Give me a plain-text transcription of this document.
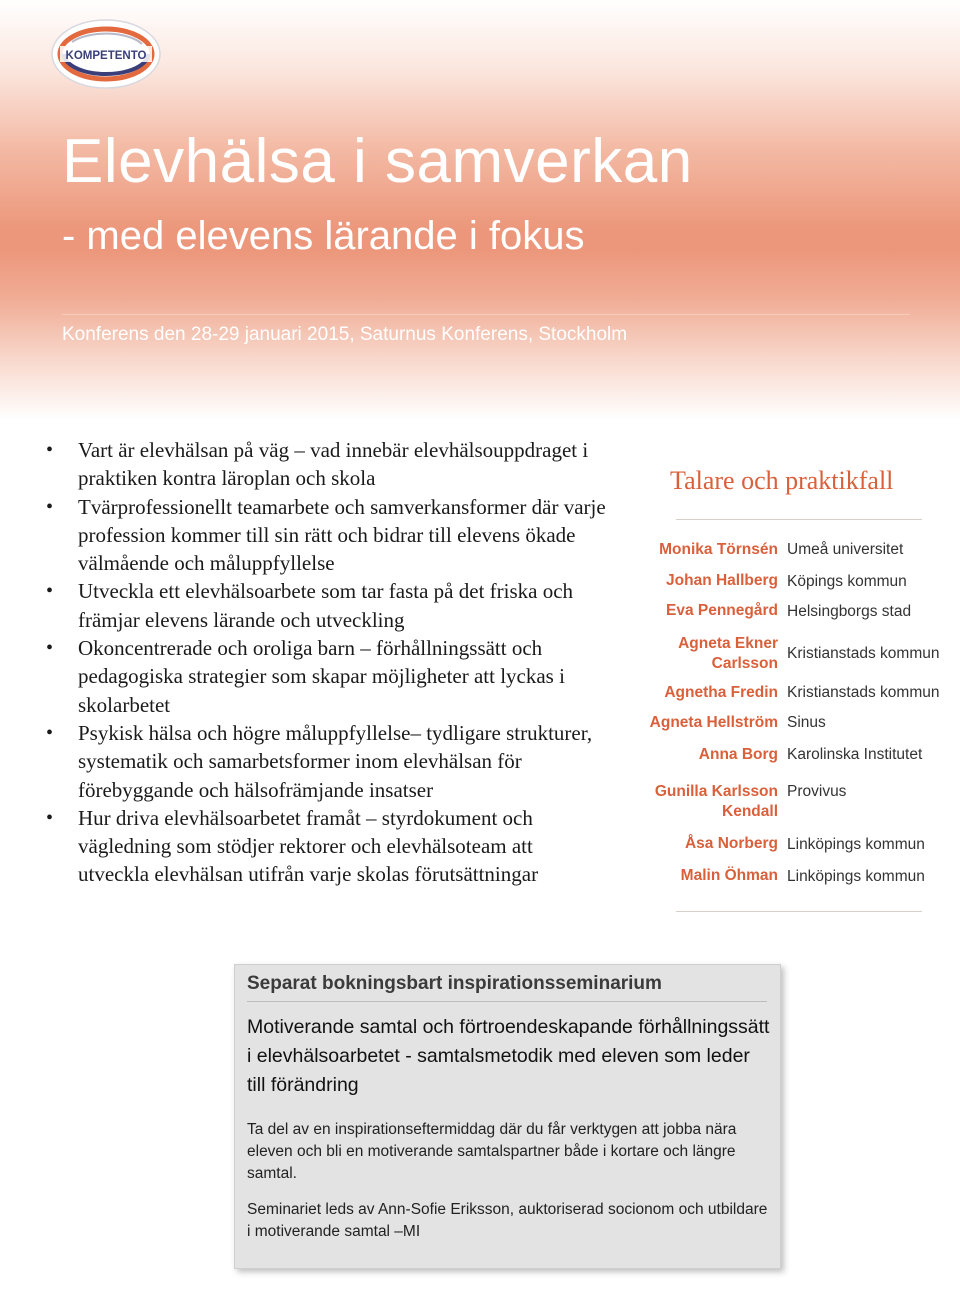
KOMPETENTO
Elevhälsa i samverkan
- med elevens lärande i fokus

Konferens den 28-29 januari 2015, Saturnus Konferens, Stockholm

• Vart är elevhälsan på väg – vad innebär elevhälsouppdraget i praktiken kontra läroplan och skola
• Tvärprofessionellt teamarbete och samverkansformer där varje profession kommer till sin rätt och bidrar till elevens ökade välmående och måluppfyllelse
• Utveckla ett elevhälsoarbete som tar fasta på det friska och främjar elevens lärande och utveckling
• Okoncentrerade och oroliga barn – förhållningssätt och pedagogiska strategier som skapar möjligheter att lyckas i skolarbetet
• Psykisk hälsa och högre måluppfyllelse– tydligare strukturer, systematik och samarbetsformer inom elevhälsan för förebyggande och hälsofrämjande insatser
• Hur driva elevhälsoarbetet framåt – styrdokument och vägledning som stödjer rektorer och elevhälsoteam att utveckla elevhälsan utifrån varje skolas förutsättningar
Talare och praktikfall
Monika Törnsén Umeå universitet
Johan Hallberg Köpings kommun
Eva Pennegård Helsingborgs stad
Agneta Ekner Carlsson
Kristianstads kommun
Agnetha Fredin Kristianstads kommun
Agneta Hellström Sinus
Anna Borg Karolinska Institutet
Gunilla Karlsson Kendall
Provivus
Åsa Norberg Linköpings kommun
Malin Öhman Linköpings kommun
Separat bokningsbart inspirationsseminarium

Motiverande samtal och förtroendeskapande förhållningssätt i elevhälsoarbetet - samtalsmetodik med eleven som leder till förändring

Ta del av en inspirationseftermiddag där du får verktygen att jobba nära eleven och bli en motiverande samtalspartner både i kortare och längre samtal.

Seminariet leds av Ann-Sofie Eriksson, auktoriserad socionom och utbildare i motiverande samtal –MI
